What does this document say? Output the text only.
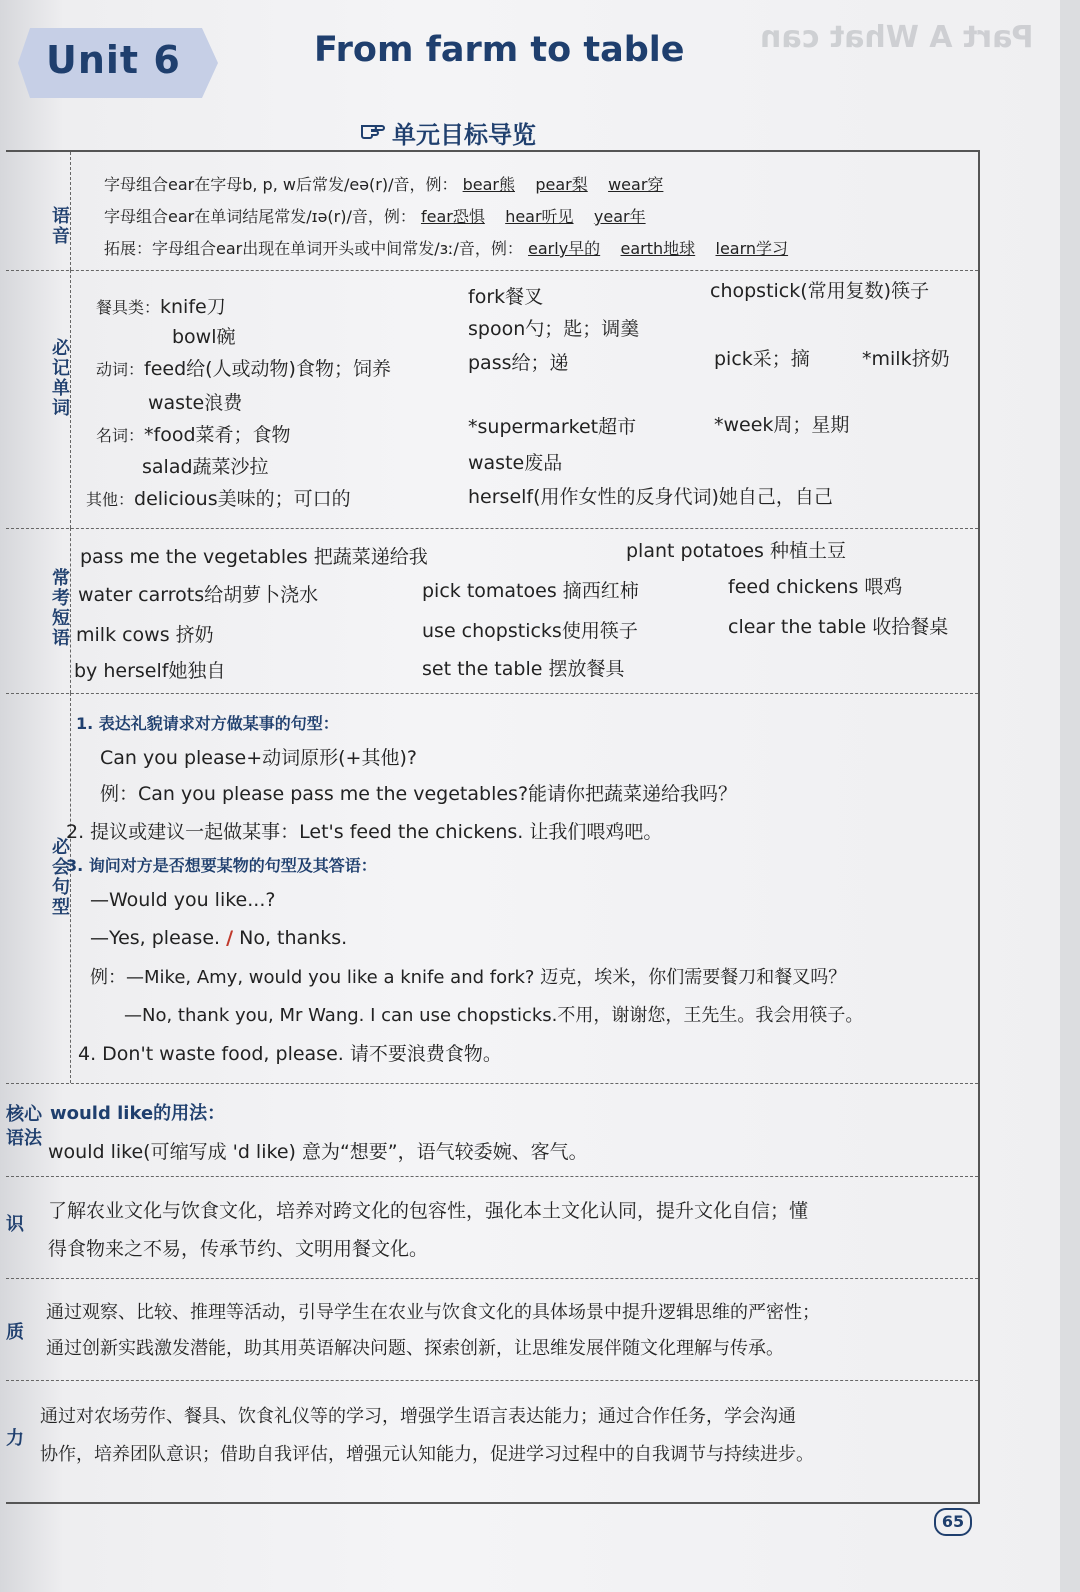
Part A What can
Unit 6	From farm to table
单元目标导览
语音
字母组合ear在字母b, p, w后常发/eə(r)/音，例： bear熊 pear梨 wear穿
字母组合ear在单词结尾常发/ɪə(r)/音，例： fear恐惧 hear听见 year年
拓展：字母组合ear出现在单词开头或中间常发/ɜː/音，例： early早的 earth地球 learn学习
必记单词
餐具类：knife刀	fork餐叉	chopstick(常用复数)筷子
bowl碗	spoon勺；匙；调羹
动词：feed给(人或动物)食物；饲养	pass给；递	pick采；摘	*milk挤奶
waste浪费
名词：*food菜肴；食物	*supermarket超市	*week周；星期
salad蔬菜沙拉	waste废品
其他：delicious美味的；可口的	herself(用作女性的反身代词)她自己，自己
常考短语
pass me the vegetables 把蔬菜递给我	plant potatoes 种植土豆
water carrots给胡萝卜浇水	pick tomatoes 摘西红柿	feed chickens 喂鸡
milk cows 挤奶	use chopsticks使用筷子	clear the table 收拾餐桌
by herself她独自	set the table 摆放餐具
必会句型
1. 表达礼貌请求对方做某事的句型：
Can you please+动词原形(+其他)?
例：Can you please pass me the vegetables?能请你把蔬菜递给我吗？
2. 提议或建议一起做某事：Let's feed the chickens. 让我们喂鸡吧。
3. 询问对方是否想要某物的句型及其答语：
—Would you like...?
—Yes, please. / No, thanks.
例：—Mike, Amy, would you like a knife and fork? 迈克，埃米，你们需要餐刀和餐叉吗？
—No, thank you, Mr Wang. I can use chopsticks.不用，谢谢您，王先生。我会用筷子。
4. Don't waste food, please. 请不要浪费食物。
核心语法
would like的用法：
would like(可缩写成 'd like) 意为“想要”，语气较委婉、客气。
识
了解农业文化与饮食文化，培养对跨文化的包容性，强化本土文化认同，提升文化自信；懂
得食物来之不易，传承节约、文明用餐文化。
质
通过观察、比较、推理等活动，引导学生在农业与饮食文化的具体场景中提升逻辑思维的严密性；
通过创新实践激发潜能，助其用英语解决问题、探索创新，让思维发展伴随文化理解与传承。
力
通过对农场劳作、餐具、饮食礼仪等的学习，增强学生语言表达能力；通过合作任务，学会沟通
协作，培养团队意识；借助自我评估，增强元认知能力，促进学习过程中的自我调节与持续进步。
65
